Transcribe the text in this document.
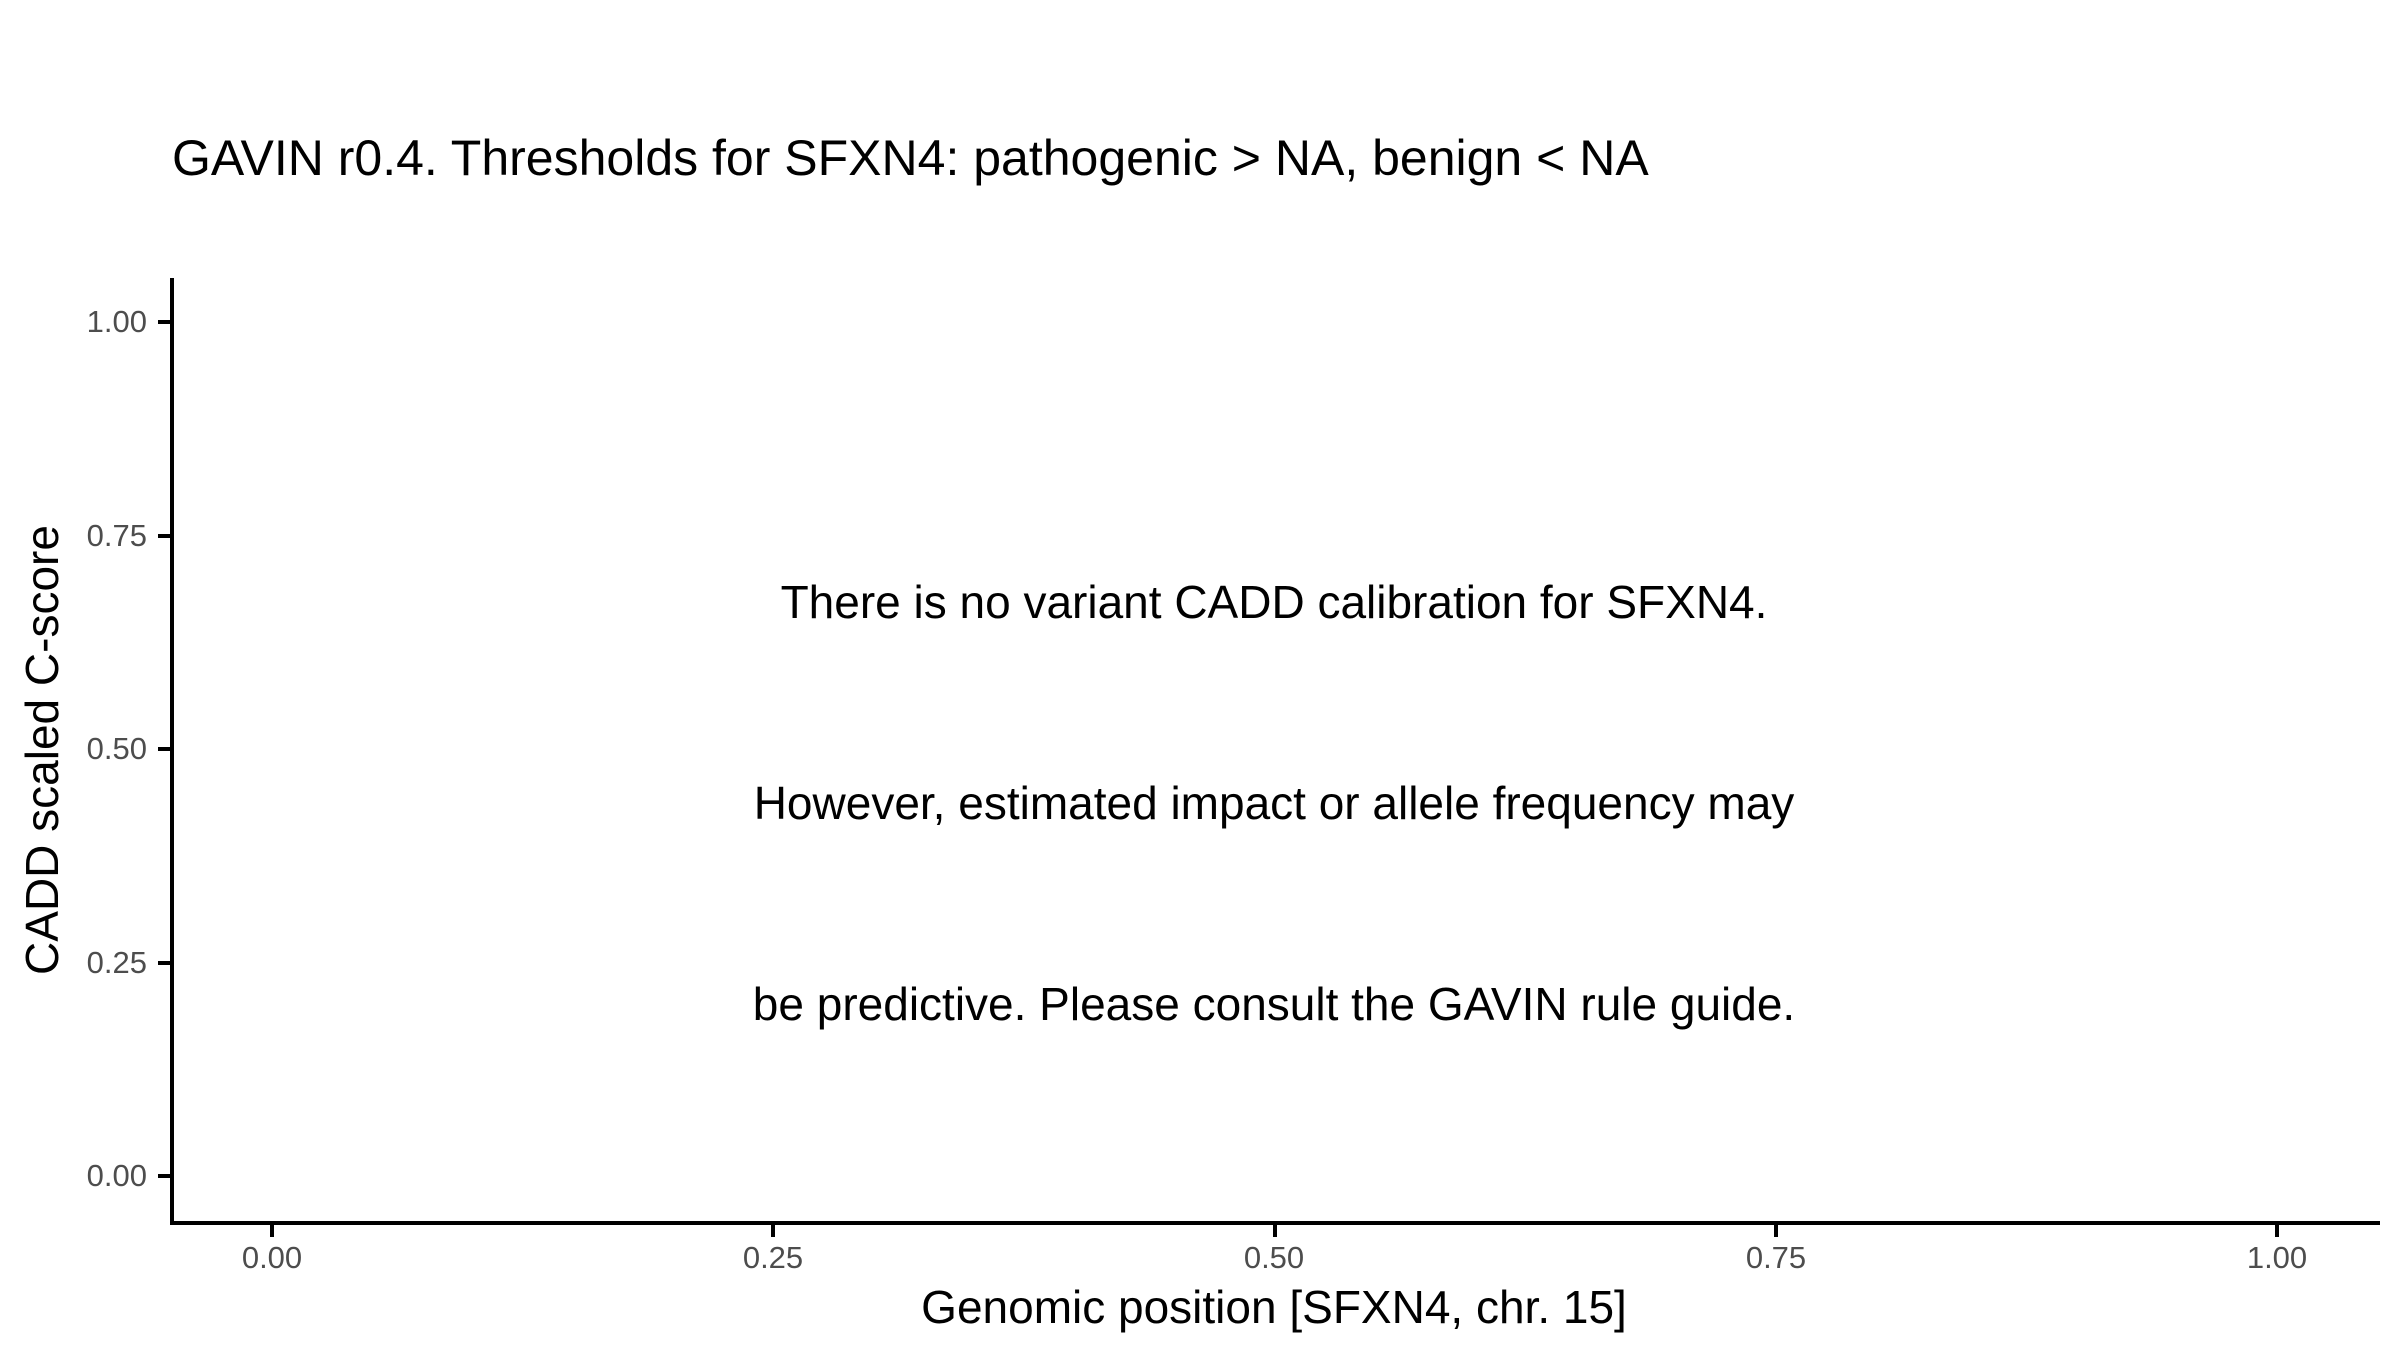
GAVIN r0.4. Thresholds for SFXN4: pathogenic > NA, benign < NA

There is no variant CADD calibration for SFXN4.

However, estimated impact or allele frequency may

be predictive. Please consult the GAVIN rule guide.

1.00
0.75
0.50
0.25
0.00
0.00	0.25	0.50	0.75	1.00
Genomic position [SFXN4, chr. 15]
CADD scaled C-score
